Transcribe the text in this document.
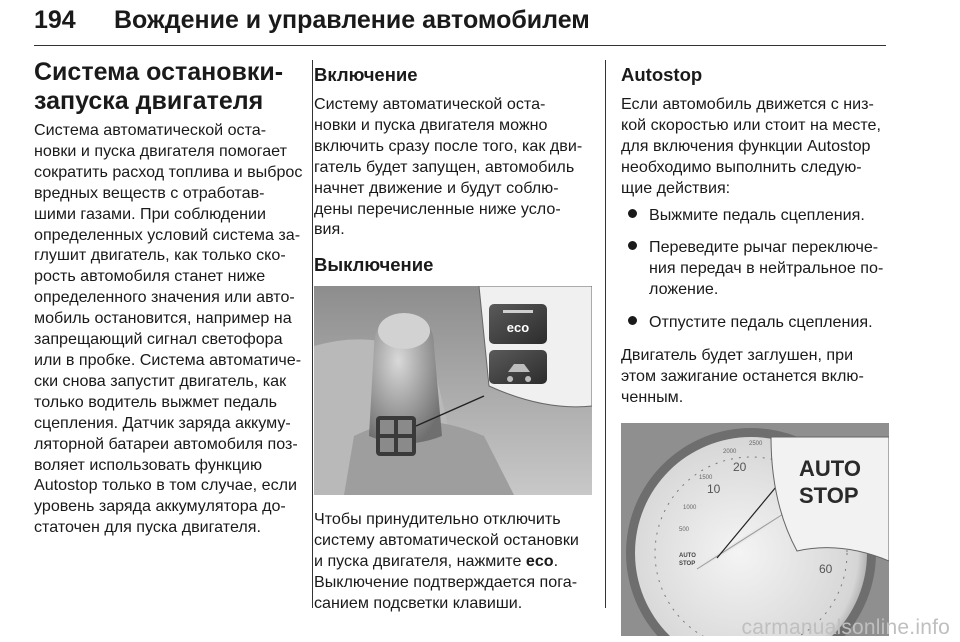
194 Вождение и управление автомобилем
Система остановки-
запуска двигателя

Система автоматической оста-
новки и пуска двигателя помогает
сократить расход топлива и выброс
вредных веществ с отработав-
шими газами. При соблюдении
определенных условий система за-
глушит двигатель, как только ско-
рость автомобиля станет ниже
определенного значения или авто-
мобиль остановится, например на
запрещающий сигнал светофора
или в пробке. Система автоматиче-
ски снова запустит двигатель, как
только водитель выжмет педаль
сцепления. Датчик заряда аккуму-
ляторной батареи автомобиля поз-
воляет использовать функцию
Autostop только в том случае, если
уровень заряда аккумулятора до-
статочен для пуска двигателя.

Включение

Систему автоматической оста-
новки и пуска двигателя можно
включить сразу после того, как дви-
гатель будет запущен, автомобиль
начнет движение и будут соблю-
дены перечисленные ниже усло-
вия.

Выключение
eco

Чтобы принудительно отключить
систему автоматической остановки
и пуска двигателя, нажмите eco.
Выключение подтверждается пога-
санием подсветки клавиши.

Autostop

Если автомобиль движется с низ-
кой скоростью или стоит на месте,
для включения функции Autostop
необходимо выполнить следую-
щие действия:

Выжмите педаль сцепления.
Переведите рычаг переключе-
ния передач в нейтральное по-
ложение.
Отпустите педаль сцепления.

Двигатель будет заглушен, при
этом зажигание останется вклю-
ченным.

10
20
60
2000
2500
500
1000
1500
AUTO
STOP
AUTO
STOP
carmanualsonline.info
